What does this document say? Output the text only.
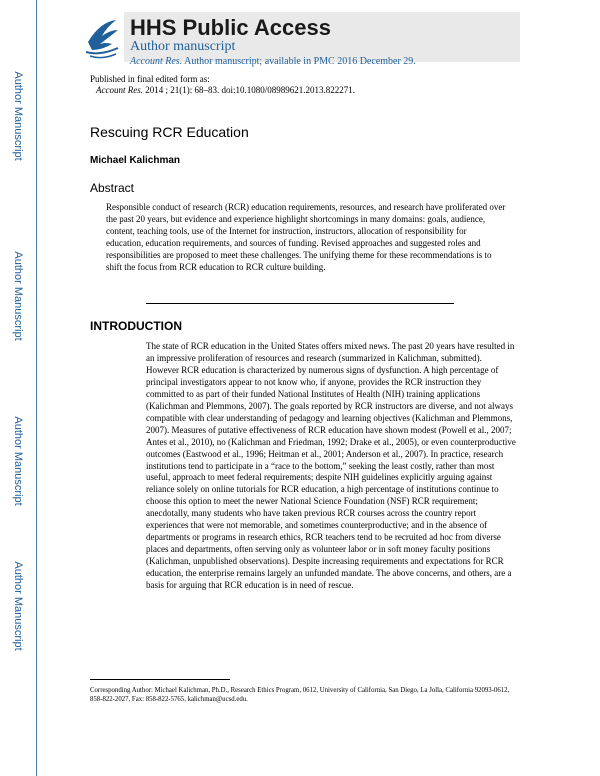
Author Manuscript
Author Manuscript
Author Manuscript
Author Manuscript
HHS Public Access
Author manuscript
Account Res. Author manuscript; available in PMC 2016 December 29.
Published in final edited form as:
Account Res. 2014 ; 21(1): 68–83. doi:10.1080/08989621.2013.822271.
Rescuing RCR Education
Michael Kalichman
Abstract
Responsible conduct of research (RCR) education requirements, resources, and research have proliferated over the past 20 years, but evidence and experience highlight shortcomings in many domains: goals, audience, content, teaching tools, use of the Internet for instruction, instructors, allocation of responsibility for education, education requirements, and sources of funding. Revised approaches and suggested roles and responsibilities are proposed to meet these challenges. The unifying theme for these recommendations is to shift the focus from RCR education to RCR culture building.
INTRODUCTION
The state of RCR education in the United States offers mixed news. The past 20 years have resulted in an impressive proliferation of resources and research (summarized in Kalichman, submitted). However RCR education is characterized by numerous signs of dysfunction. A high percentage of principal investigators appear to not know who, if anyone, provides the RCR instruction they committed to as part of their funded National Institutes of Health (NIH) training applications (Kalichman and Plemmons, 2007). The goals reported by RCR instructors are diverse, and not always compatible with clear understanding of pedagogy and learning objectives (Kalichman and Plemmons, 2007). Measures of putative effectiveness of RCR education have shown modest (Powell et al., 2007; Antes et al., 2010), no (Kalichman and Friedman, 1992; Drake et al., 2005), or even counterproductive outcomes (Eastwood et al., 1996; Heitman et al., 2001; Anderson et al., 2007). In practice, research institutions tend to participate in a “race to the bottom,” seeking the least costly, rather than most useful, approach to meet federal requirements; despite NIH guidelines explicitly arguing against reliance solely on online tutorials for RCR education, a high percentage of institutions continue to choose this option to meet the newer National Science Foundation (NSF) RCR requirement; anecdotally, many students who have taken previous RCR courses across the country report experiences that were not memorable, and sometimes counterproductive; and in the absence of departments or programs in research ethics, RCR teachers tend to be recruited ad hoc from diverse places and departments, often serving only as volunteer labor or in soft money faculty positions (Kalichman, unpublished observations). Despite increasing requirements and expectations for RCR education, the enterprise remains largely an unfunded mandate. The above concerns, and others, are a basis for arguing that RCR education is in need of rescue.
Corresponding Author: Michael Kalichman, Ph.D., Research Ethics Program, 0612, University of California, San Diego, La Jolla, California 92093-0612, 858-822-2027, Fax: 858-822-5765, kalichman@ucsd.edu.
